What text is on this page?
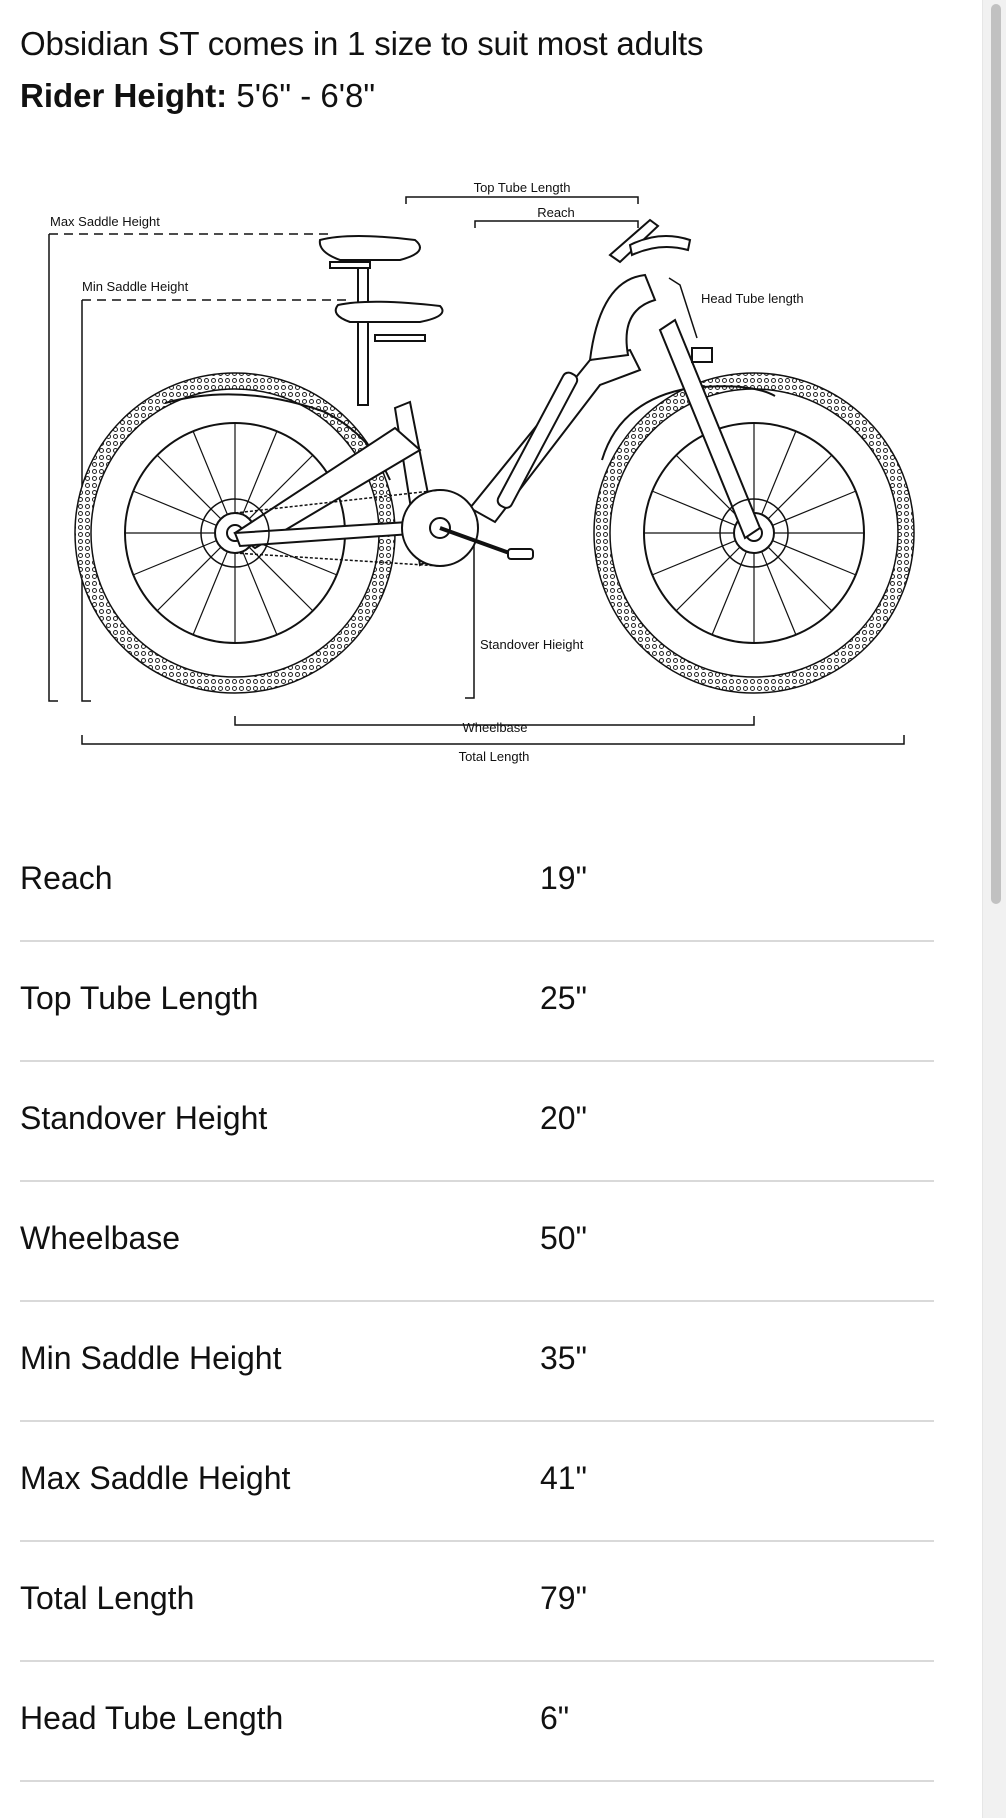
Obsidian ST comes in 1 size to suit most adults

Rider Height: 5'6" - 6'8"

Top Tube Length
Reach
Max Saddle Height
Min Saddle Height
Head Tube length
Standover Hieight
Wheelbase
Total Length
Reach	19"
Top Tube Length	25"
Standover Height	20"
Wheelbase	50"
Min Saddle Height	35"
Max Saddle Height	41"
Total Length	79"
Head Tube Length	6"
